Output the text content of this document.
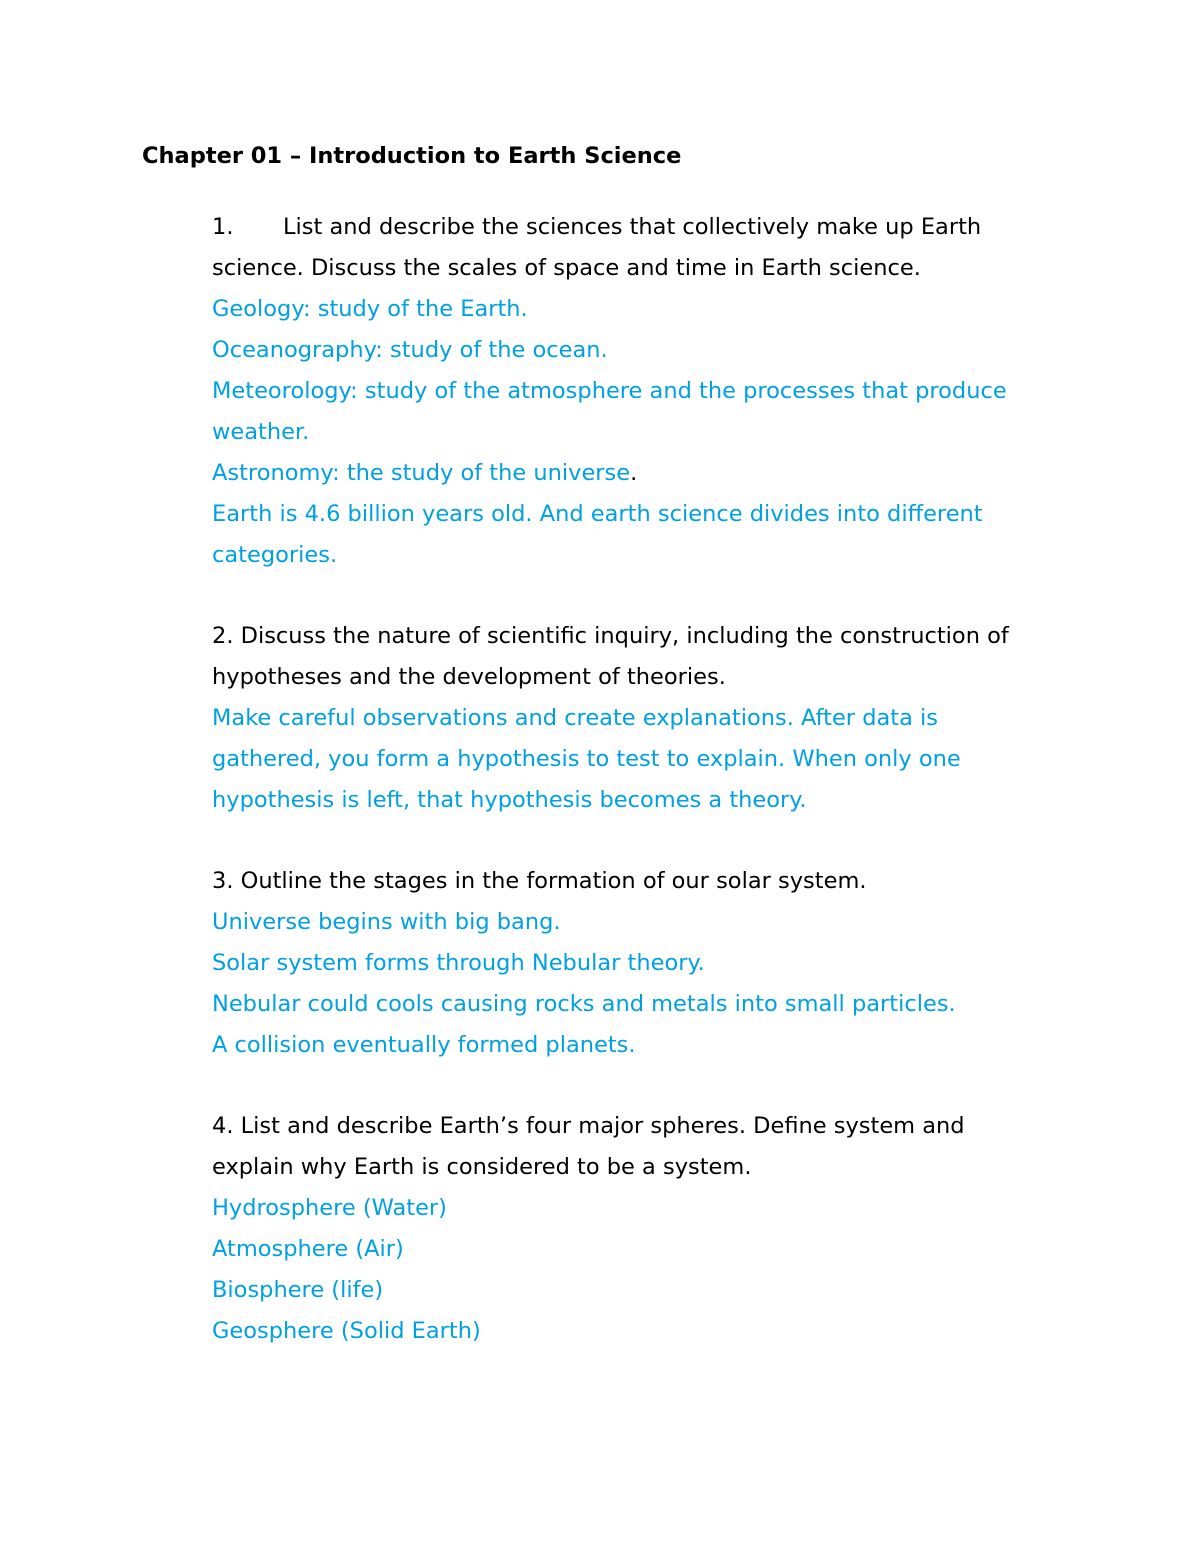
Chapter 01 – Introduction to Earth Science
1. List and describe the sciences that collectively make up Earth
science. Discuss the scales of space and time in Earth science.
Geology: study of the Earth.
Oceanography: study of the ocean.
Meteorology: study of the atmosphere and the processes that produce
weather.
Astronomy: the study of the universe.
Earth is 4.6 billion years old. And earth science divides into different
categories.
2. Discuss the nature of scientific inquiry, including the construction of
hypotheses and the development of theories.
Make careful observations and create explanations. After data is
gathered, you form a hypothesis to test to explain. When only one
hypothesis is left, that hypothesis becomes a theory.
3. Outline the stages in the formation of our solar system.
Universe begins with big bang.
Solar system forms through Nebular theory.
Nebular could cools causing rocks and metals into small particles.
A collision eventually formed planets.
4. List and describe Earth’s four major spheres. Define system and
explain why Earth is considered to be a system.
Hydrosphere (Water)
Atmosphere (Air)
Biosphere (life)
Geosphere (Solid Earth)
